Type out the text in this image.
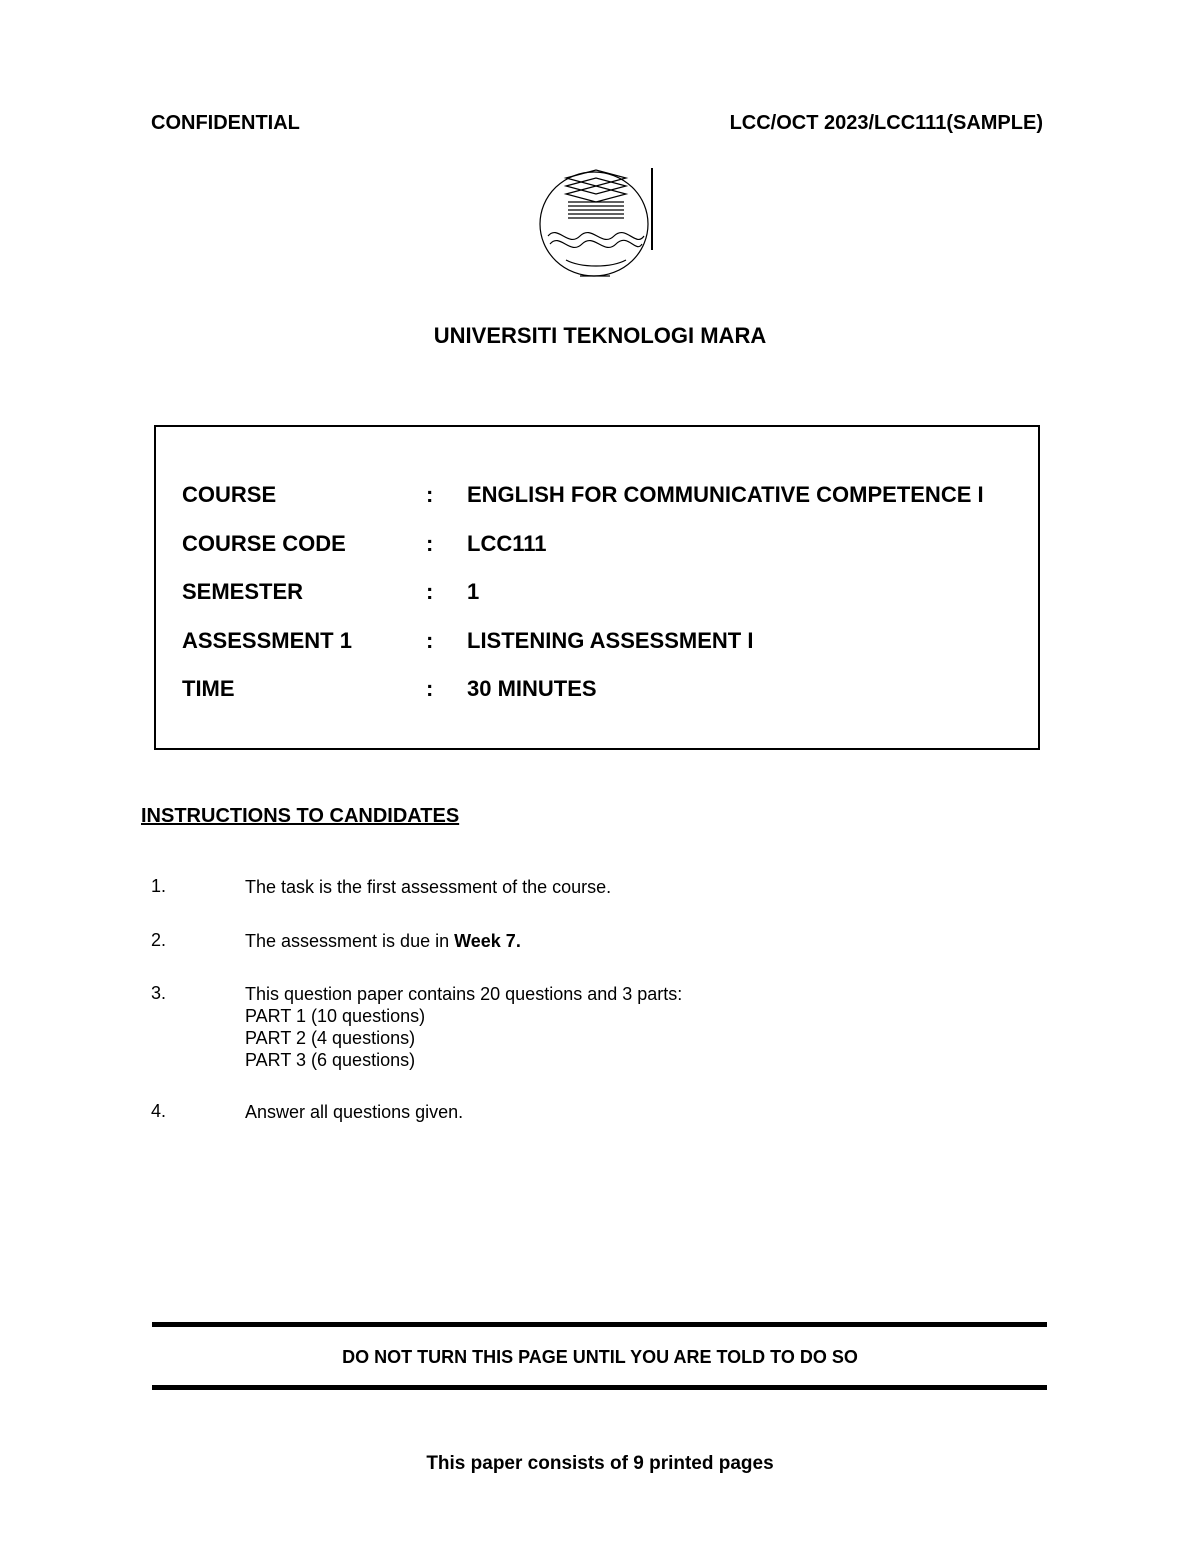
CONFIDENTIAL	LCC/OCT 2023/LCC111(SAMPLE)
UNIVERSITI TEKNOLOGI MARA
COURSE	: ENGLISH FOR COMMUNICATIVE COMPETENCE I
COURSE CODE	: LCC111
SEMESTER	: 1
ASSESSMENT 1	: LISTENING ASSESSMENT I
TIME	: 30 MINUTES
INSTRUCTIONS TO CANDIDATES
1.	The task is the first assessment of the course.
2.	The assessment is due in Week 7.
3.	This question paper contains 20 questions and 3 parts:
PART 1 (10 questions)
PART 2 (4 questions)
PART 3 (6 questions)
4.	Answer all questions given.
DO NOT TURN THIS PAGE UNTIL YOU ARE TOLD TO DO SO
This paper consists of 9 printed pages
